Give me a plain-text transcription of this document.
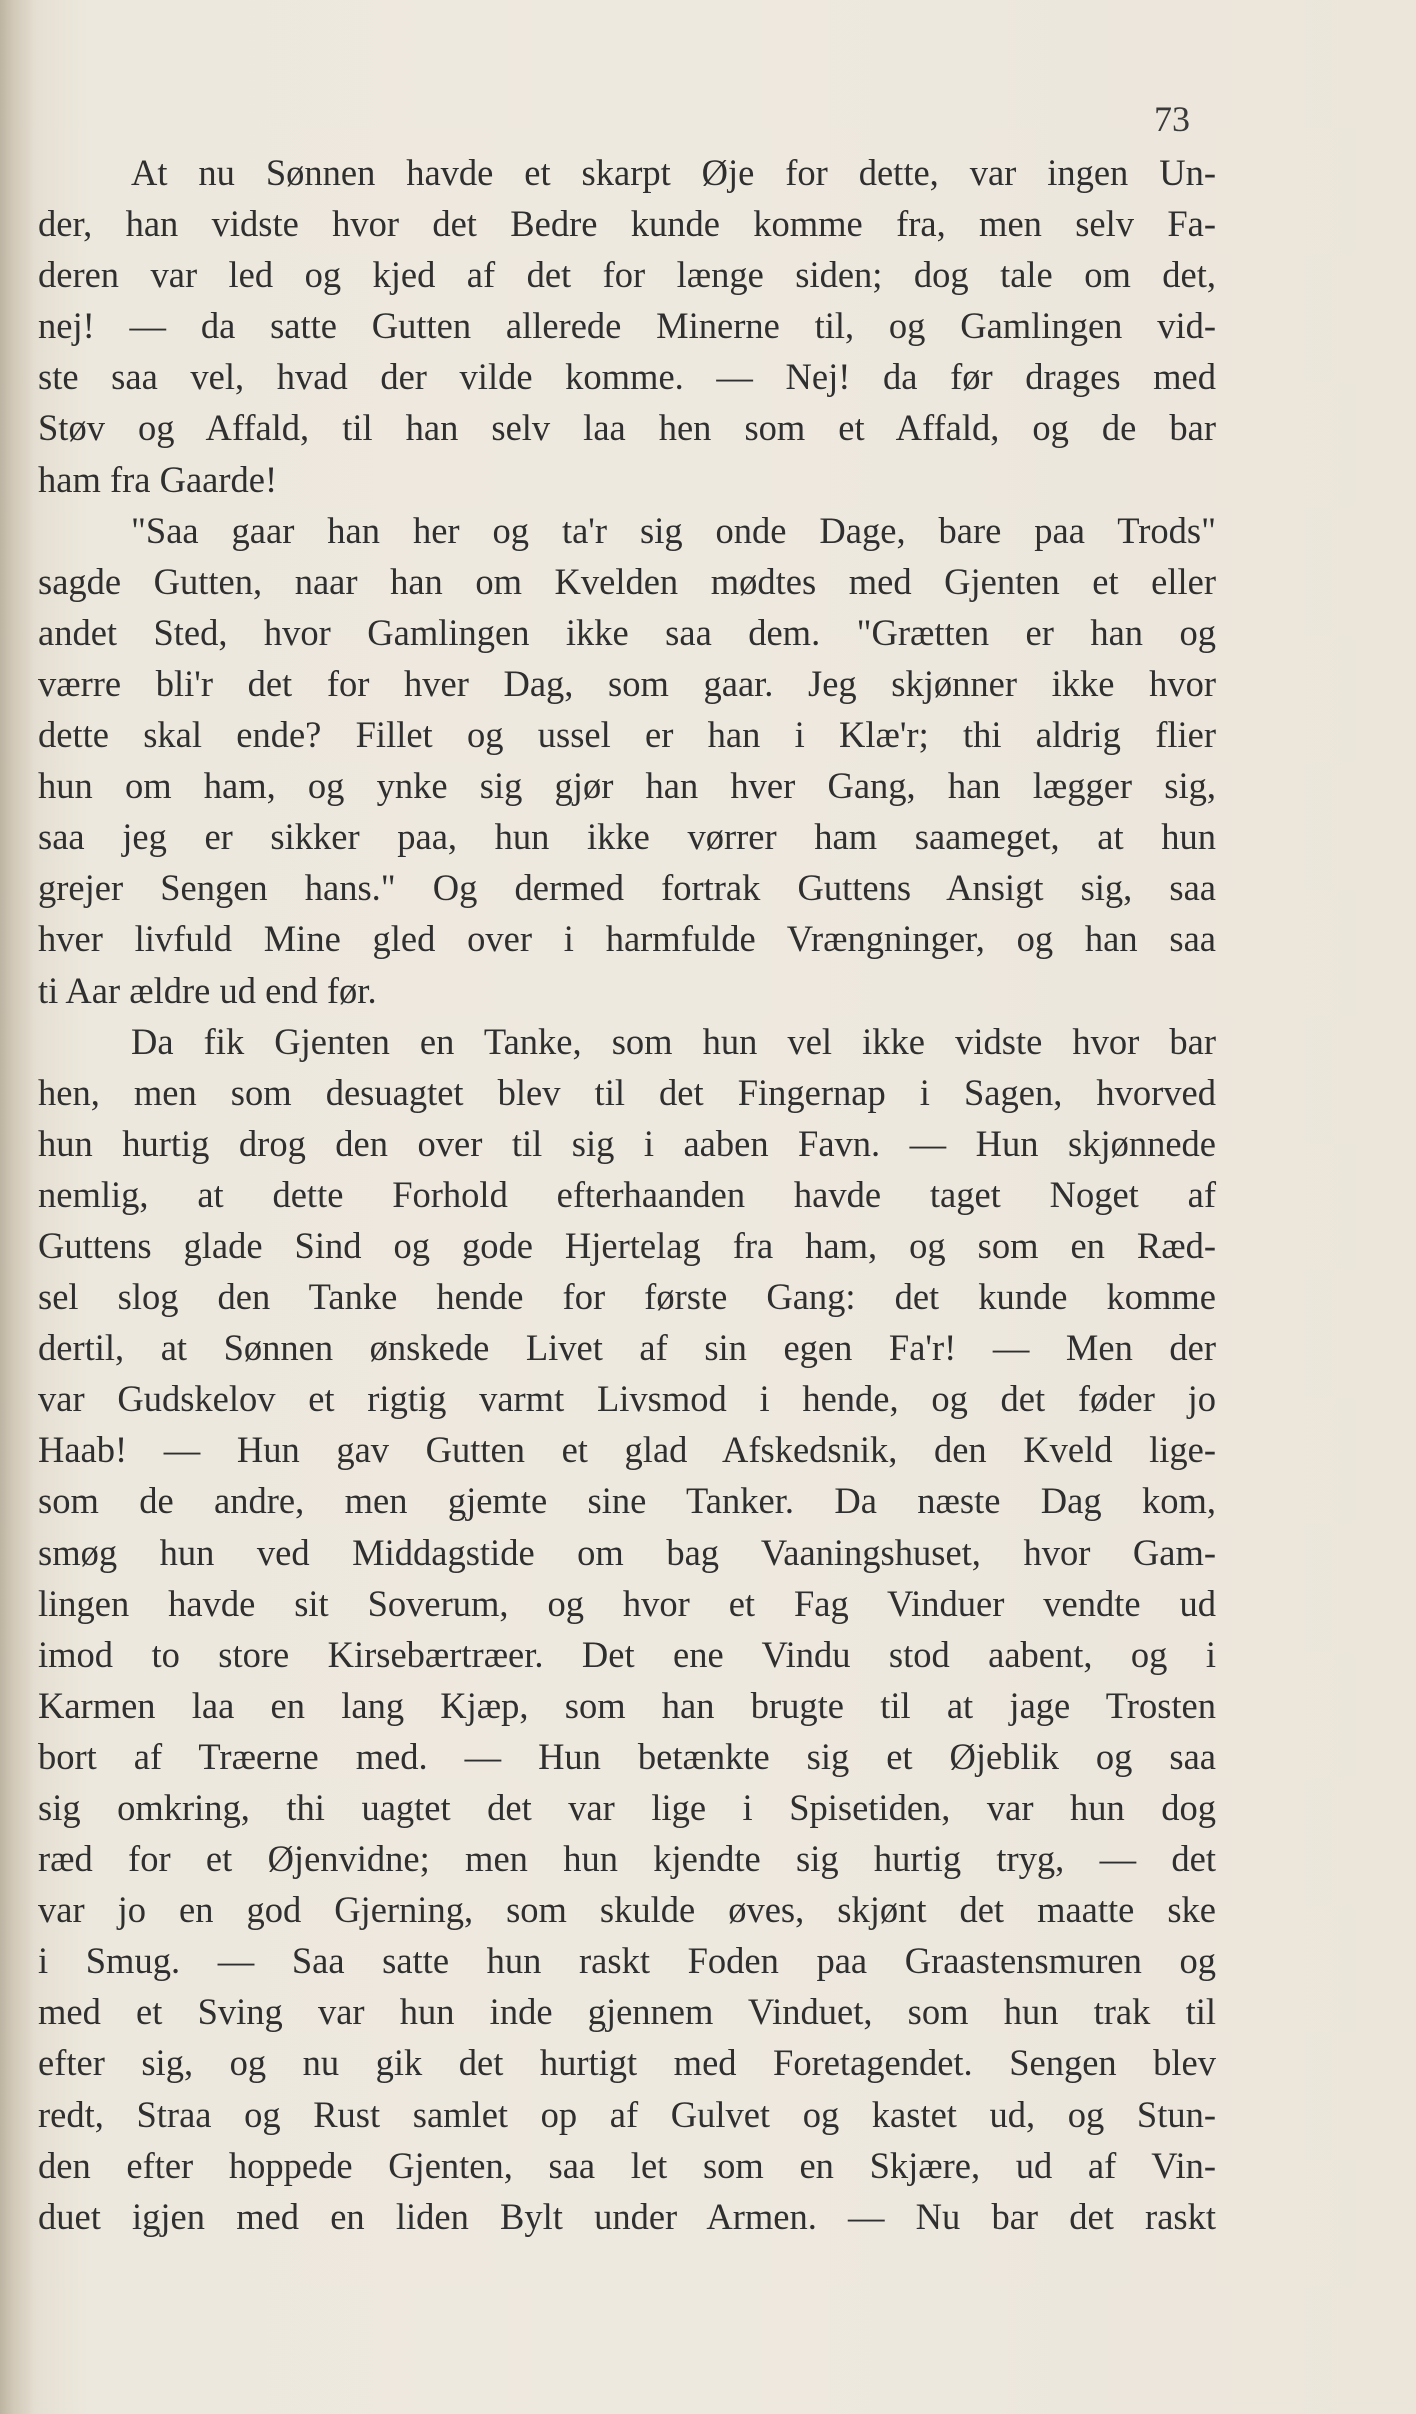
73
At nu Sønnen havde et skarpt Øje for dette, var ingen Un-
der, han vidste hvor det Bedre kunde komme fra, men selv Fa-
deren var led og kjed af det for længe siden; dog tale om det,
nej! — da satte Gutten allerede Minerne til, og Gamlingen vid-
ste saa vel, hvad der vilde komme. — Nej! da før drages med
Støv og Affald, til han selv laa hen som et Affald, og de bar
ham fra Gaarde!
"Saa gaar han her og ta'r sig onde Dage, bare paa Trods"
sagde Gutten, naar han om Kvelden mødtes med Gjenten et eller
andet Sted, hvor Gamlingen ikke saa dem. "Grætten er han og
værre bli'r det for hver Dag, som gaar. Jeg skjønner ikke hvor
dette skal ende? Fillet og ussel er han i Klæ'r; thi aldrig flier
hun om ham, og ynke sig gjør han hver Gang, han lægger sig,
saa jeg er sikker paa, hun ikke vørrer ham saameget, at hun
grejer Sengen hans." Og dermed fortrak Guttens Ansigt sig, saa
hver livfuld Mine gled over i harmfulde Vrængninger, og han saa
ti Aar ældre ud end før.
Da fik Gjenten en Tanke, som hun vel ikke vidste hvor bar
hen, men som desuagtet blev til det Fingernap i Sagen, hvorved
hun hurtig drog den over til sig i aaben Favn. — Hun skjønnede
nemlig, at dette Forhold efterhaanden havde taget Noget af
Guttens glade Sind og gode Hjertelag fra ham, og som en Ræd-
sel slog den Tanke hende for første Gang: det kunde komme
dertil, at Sønnen ønskede Livet af sin egen Fa'r! — Men der
var Gudskelov et rigtig varmt Livsmod i hende, og det føder jo
Haab! — Hun gav Gutten et glad Afskedsnik, den Kveld lige-
som de andre, men gjemte sine Tanker. Da næste Dag kom,
smøg hun ved Middagstide om bag Vaaningshuset, hvor Gam-
lingen havde sit Soverum, og hvor et Fag Vinduer vendte ud
imod to store Kirsebærtræer. Det ene Vindu stod aabent, og i
Karmen laa en lang Kjæp, som han brugte til at jage Trosten
bort af Træerne med. — Hun betænkte sig et Øjeblik og saa
sig omkring, thi uagtet det var lige i Spisetiden, var hun dog
ræd for et Øjenvidne; men hun kjendte sig hurtig tryg, — det
var jo en god Gjerning, som skulde øves, skjønt det maatte ske
i Smug. — Saa satte hun raskt Foden paa Graastensmuren og
med et Sving var hun inde gjennem Vinduet, som hun trak til
efter sig, og nu gik det hurtigt med Foretagendet. Sengen blev
redt, Straa og Rust samlet op af Gulvet og kastet ud, og Stun-
den efter hoppede Gjenten, saa let som en Skjære, ud af Vin-
duet igjen med en liden Bylt under Armen. — Nu bar det raskt
